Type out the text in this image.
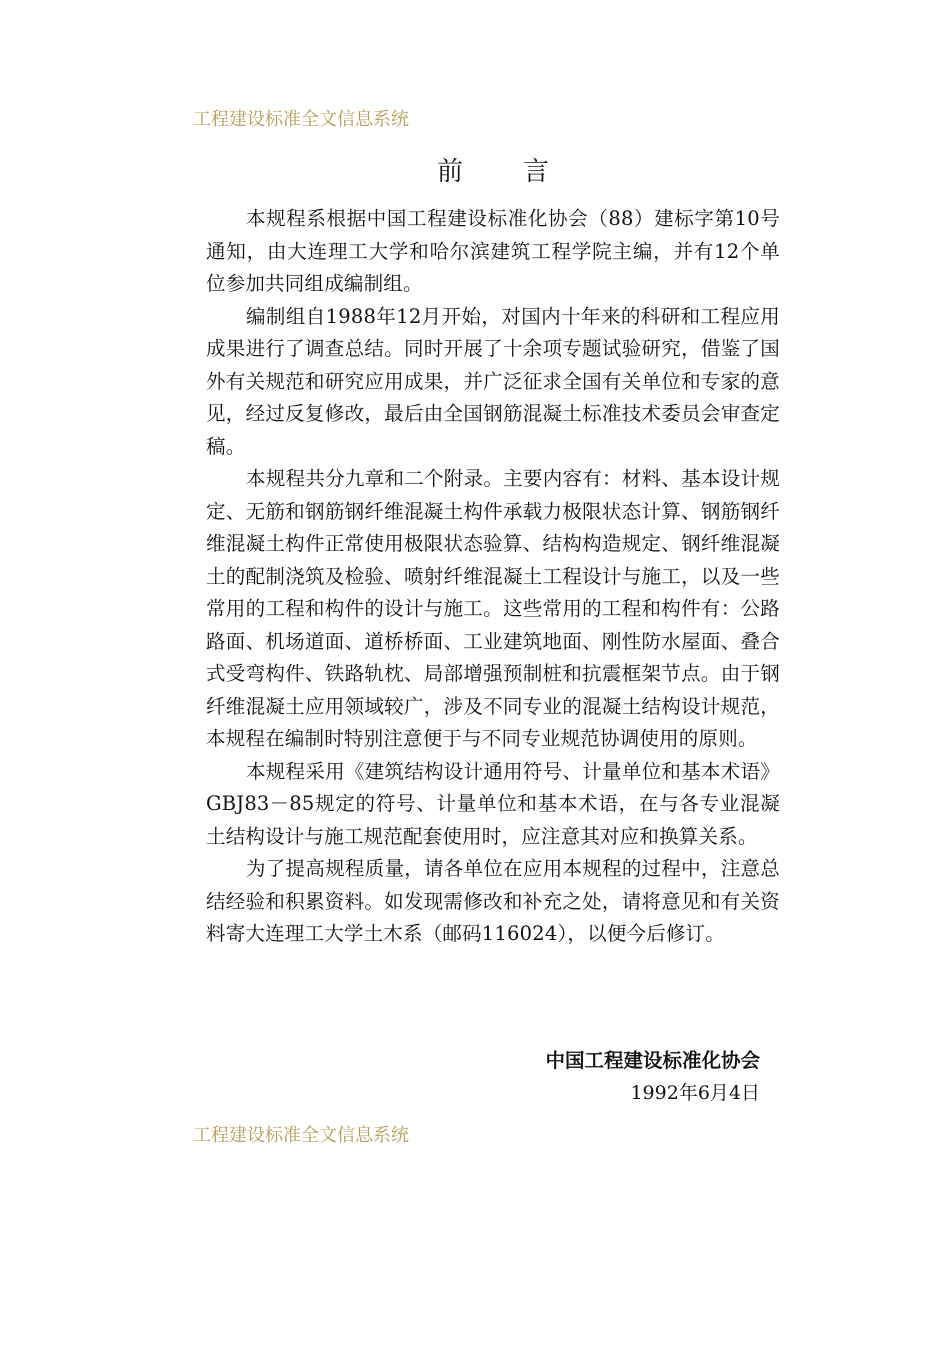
工程建设标准全文信息系统
前言

本规程系根据中国工程建设标准化协会（88）建标字第10号通知，由大连理工大学和哈尔滨建筑工程学院主编，并有12个单位参加共同组成编制组。

编制组自1988年12月开始，对国内十年来的科研和工程应用成果进行了调查总结。同时开展了十余项专题试验研究，借鉴了国外有关规范和研究应用成果，并广泛征求全国有关单位和专家的意见，经过反复修改，最后由全国钢筋混凝土标准技术委员会审查定稿。

本规程共分九章和二个附录。主要内容有：材料、基本设计规定、无筋和钢筋钢纤维混凝土构件承载力极限状态计算、钢筋钢纤维混凝土构件正常使用极限状态验算、结构构造规定、钢纤维混凝土的配制浇筑及检验、喷射纤维混凝土工程设计与施工，以及一些常用的工程和构件的设计与施工。这些常用的工程和构件有：公路路面、机场道面、道桥桥面、工业建筑地面、刚性防水屋面、叠合式受弯构件、铁路轨枕、局部增强预制桩和抗震框架节点。由于钢纤维混凝土应用领域较广，涉及不同专业的混凝土结构设计规范，本规程在编制时特别注意便于与不同专业规范协调使用的原则。

本规程采用《建筑结构设计通用符号、计量单位和基本术语》GBJ83－85规定的符号、计量单位和基本术语，在与各专业混凝土结构设计与施工规范配套使用时，应注意其对应和换算关系。

为了提高规程质量，请各单位在应用本规程的过程中，注意总结经验和积累资料。如发现需修改和补充之处，请将意见和有关资料寄大连理工大学土木系（邮码116024），以便今后修订。

中国工程建设标准化协会
1992年6月4日
工程建设标准全文信息系统
